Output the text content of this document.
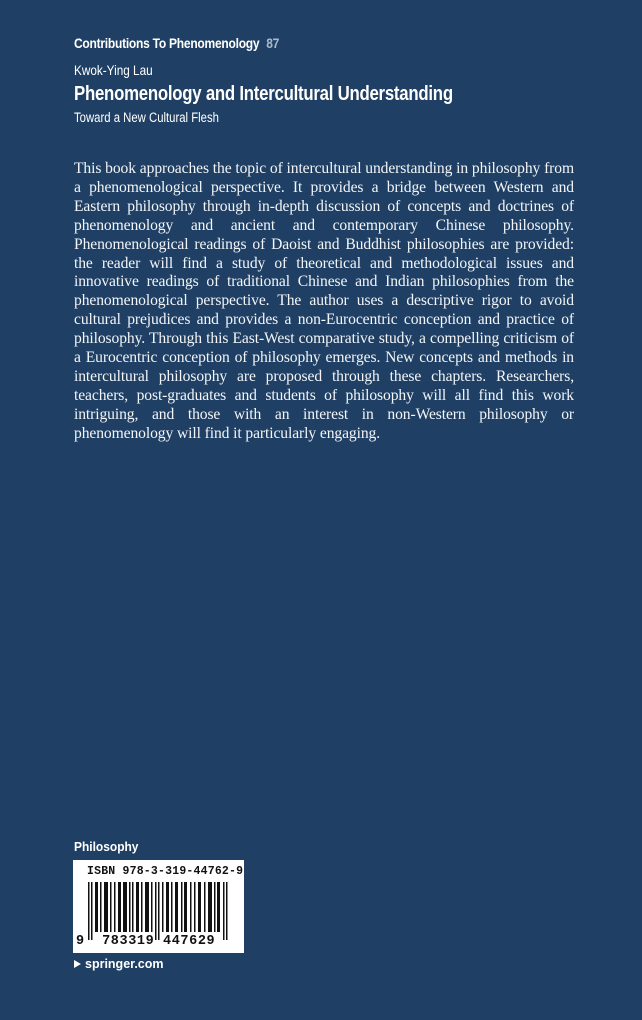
Contributions To Phenomenology 87
Kwok-Ying Lau
Phenomenology and Intercultural Understanding
Toward a New Cultural Flesh
This book approaches the topic of intercultural understanding in philosophy from a phenomenological perspective. It provides a bridge between Western and Eastern philosophy through in-depth discussion of concepts and doctrines of phenomenology and ancient and contemporary Chinese philosophy. Phenomenological readings of Daoist and Buddhist philosophies are provided: the reader will find a study of theoretical and methodological issues and innovative readings of traditional Chinese and Indian philosophies from the phenomenological perspective. The author uses a descriptive rigor to avoid cultural prejudices and provides a non-Eurocentric conception and practice of philosophy. Through this East-West comparative study, a compelling criticism of a Eurocentric conception of philosophy emerges. New concepts and methods in intercultural philosophy are proposed through these chapters. Researchers, teachers, post-graduates and students of philosophy will all find this work intriguing, and those with an interest in non-Western philosophy or phenomenology will find it particularly engaging.
Philosophy
ISBN 978-3-319-44762-9
9 783319 447629
springer.com
